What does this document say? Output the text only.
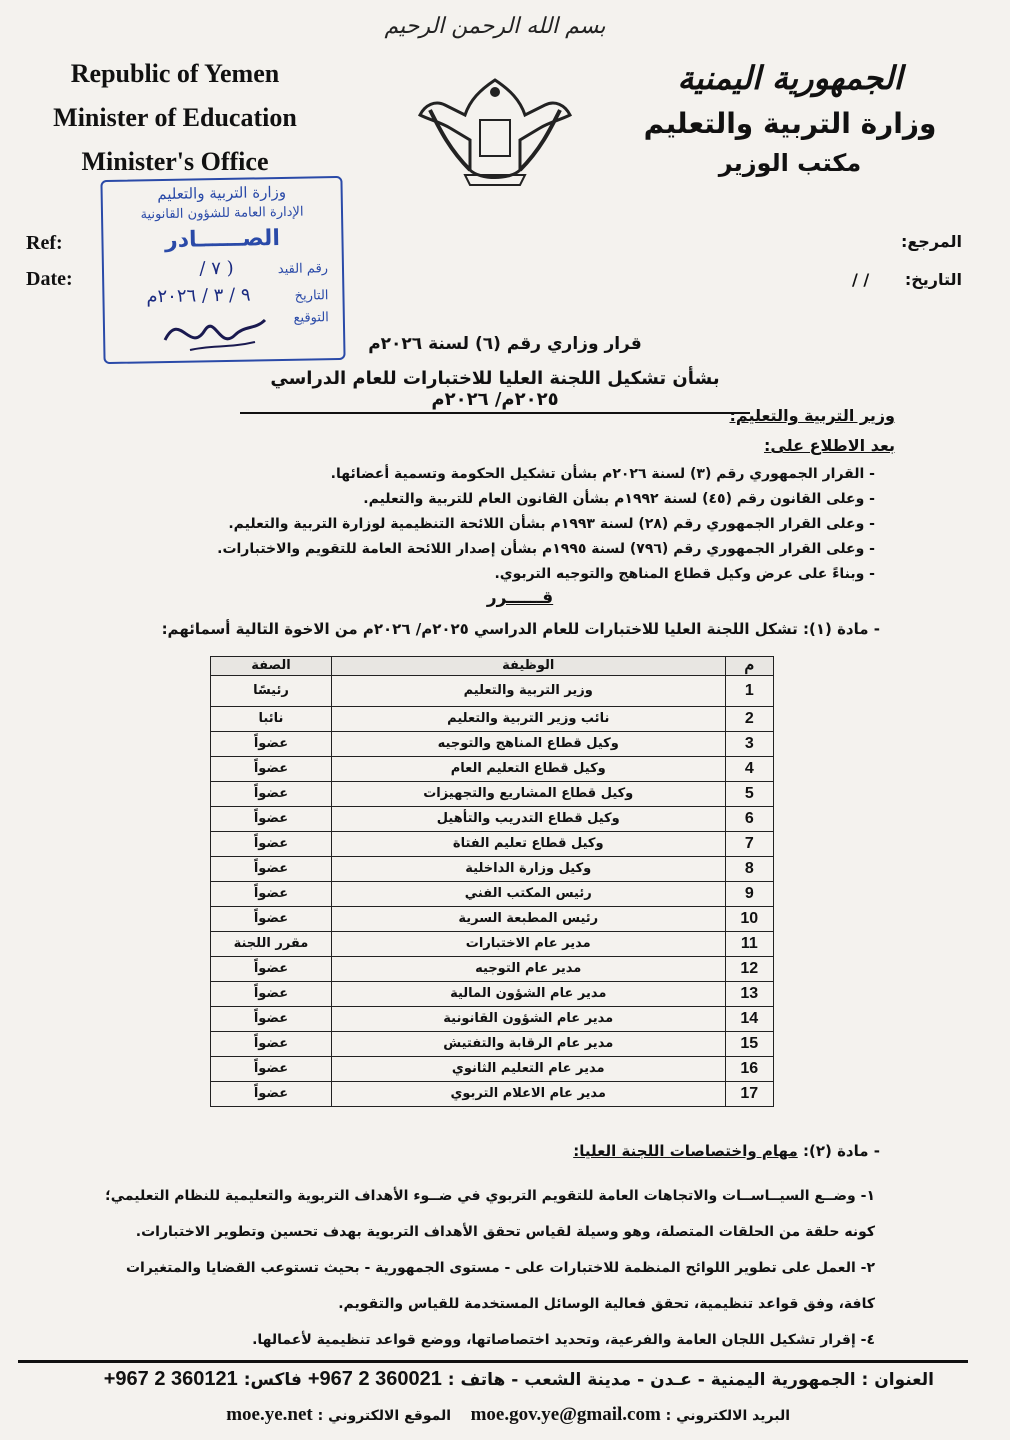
بسم الله الرحمن الرحيم
Republic of Yemen
Minister of Education
Minister's Office
الجمهورية اليمنية
وزارة التربية والتعليم
مكتب الوزير
وزارة التربية والتعليم
الإدارة العامة للشؤون القانونية
الصــــــادر
رقم القيد ( ٧ /
التاريخ ٩ / ٣ / ٢٠٢٦م
التوقيع
Ref:
Date:
المرجع:
التاريخ: / /
قرار وزاري رقم (٦) لسنة ٢٠٢٦م
بشأن تشكيل اللجنة العليا للاختبارات للعام الدراسي ٢٠٢٥م/ ٢٠٢٦م
وزير التربية والتعليم:
بعد الاطلاع على:
- القرار الجمهوري رقم (٣) لسنة ٢٠٢٦م بشأن تشكيل الحكومة وتسمية أعضائها.
- وعلى القانون رقم (٤٥) لسنة ١٩٩٢م بشأن القانون العام للتربية والتعليم.
- وعلى القرار الجمهوري رقم (٢٨) لسنة ١٩٩٣م بشأن اللائحة التنظيمية لوزارة التربية والتعليم.
- وعلى القرار الجمهوري رقم (٧٩٦) لسنة ١٩٩٥م بشأن إصدار اللائحة العامة للتقويم والاختبارات.
- وبناءً على عرض وكيل قطاع المناهج والتوجيه التربوي.
قــــــرر
- مادة (١): تشكل اللجنة العليا للاختبارات للعام الدراسي ٢٠٢٥م/ ٢٠٢٦م من الاخوة التالية أسمائهم:
م	الوظيفة	الصفة
1	وزير التربية والتعليم	رئيسًا
2	نائب وزير التربية والتعليم	نائبا
3	وكيل قطاع المناهج والتوجيه	عضواً
4	وكيل قطاع التعليم العام	عضواً
5	وكيل قطاع المشاريع والتجهيزات	عضواً
6	وكيل قطاع التدريب والتأهيل	عضواً
7	وكيل قطاع تعليم الفتاة	عضواً
8	وكيل وزارة الداخلية	عضواً
9	رئيس المكتب الفني	عضواً
10	رئيس المطبعة السرية	عضواً
11	مدير عام الاختبارات	مقرر اللجنة
12	مدير عام التوجيه	عضواً
13	مدير عام الشؤون المالية	عضواً
14	مدير عام الشؤون القانونية	عضواً
15	مدير عام الرقابة والتفتيش	عضواً
16	مدير عام التعليم الثانوي	عضواً
17	مدير عام الاعلام التربوي	عضواً
- مادة (٢): مهام واختصاصات اللجنة العليا:
١- وضــع السيــاســات والاتجاهات العامة للتقويم التربوي في ضــوء الأهداف التربوية والتعليمية للنظام التعليمي؛
كونه حلقة من الحلقات المتصلة، وهو وسيلة لقياس تحقق الأهداف التربوية بهدف تحسين وتطوير الاختبارات.
٢- العمل على تطوير اللوائح المنظمة للاختبارات على - مستوى الجمهورية - بحيث تستوعب القضايا والمتغيرات
كافة، وفق قواعد تنظيمية، تحقق فعالية الوسائل المستخدمة للقياس والتقويم.
٤- إقرار تشكيل اللجان العامة والفرعية، وتحديد اختصاصاتها، ووضع قواعد تنظيمية لأعمالها.
العنوان : الجمهورية اليمنية - عـدن - مدينة الشعب - هاتف : +967 2 360021 فاكس: +967 2 360121
البريد الالكتروني : moe.gov.ye@gmail.com    الموقع الالكتروني : moe.ye.net
